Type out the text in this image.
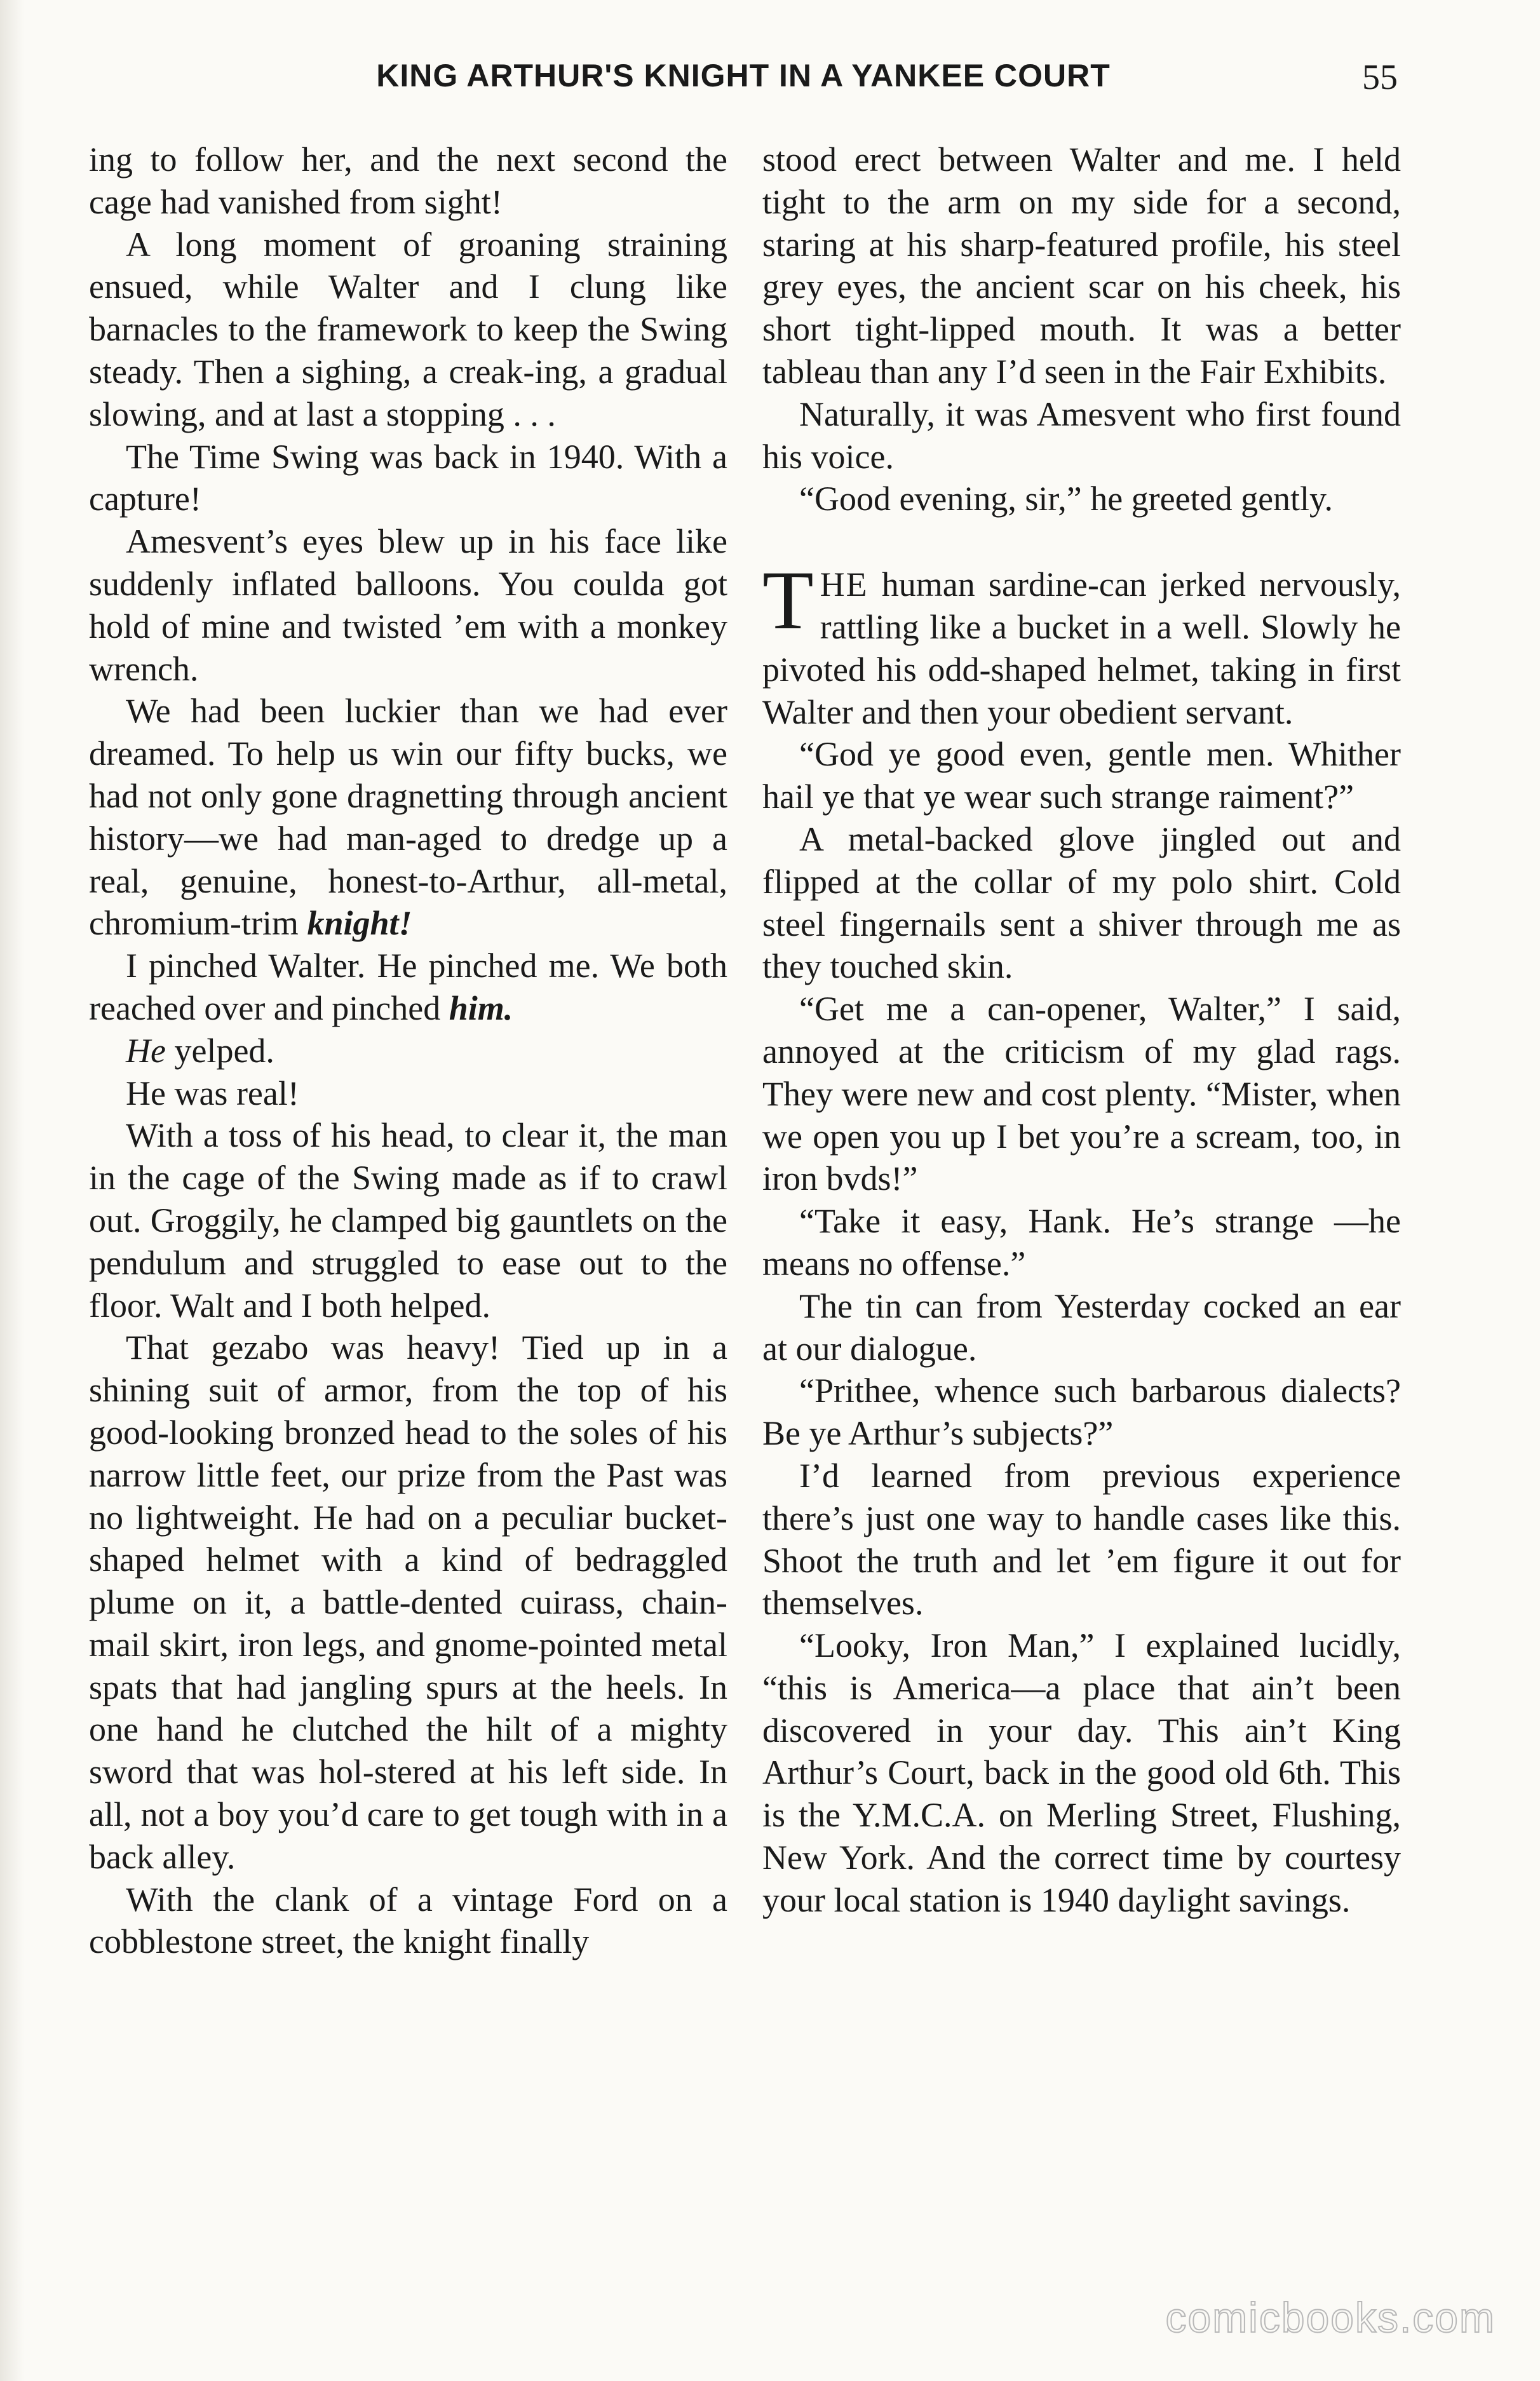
KING ARTHUR'S KNIGHT IN A YANKEE COURT	55

ing to follow her, and the next second the cage had vanished from sight!

A long moment of groaning straining ensued, while Walter and I clung like barnacles to the framework to keep the Swing steady. Then a sighing, a creak-ing, a gradual slowing, and at last a stopping . . .

The Time Swing was back in 1940. With a capture!

Amesvent’s eyes blew up in his face like suddenly inflated balloons. You coulda got hold of mine and twisted ’em with a monkey wrench.

We had been luckier than we had ever dreamed. To help us win our fifty bucks, we had not only gone dragnetting through ancient history—we had man-aged to dredge up a real, genuine, honest-to-Arthur, all-metal, chromium-trim knight!

I pinched Walter. He pinched me. We both reached over and pinched him.

He yelped.

He was real!

With a toss of his head, to clear it, the man in the cage of the Swing made as if to crawl out. Groggily, he clamped big gauntlets on the pendulum and struggled to ease out to the floor. Walt and I both helped.

That gezabo was heavy! Tied up in a shining suit of armor, from the top of his good-looking bronzed head to the soles of his narrow little feet, our prize from the Past was no lightweight. He had on a peculiar bucket-shaped helmet with a kind of bedraggled plume on it, a battle-dented cuirass, chain-mail skirt, iron legs, and gnome-pointed metal spats that had jangling spurs at the heels. In one hand he clutched the hilt of a mighty sword that was hol-stered at his left side. In all, not a boy you’d care to get tough with in a back alley.

With the clank of a vintage Ford on a cobblestone street, the knight finally

stood erect between Walter and me. I held tight to the arm on my side for a second, staring at his sharp-featured profile, his steel grey eyes, the ancient scar on his cheek, his short tight-lipped mouth. It was a better tableau than any I’d seen in the Fair Exhibits.

Naturally, it was Amesvent who first found his voice.

“Good evening, sir,” he greeted gently.

THE human sardine-can jerked nervously, rattling like a bucket in a well. Slowly he pivoted his odd-shaped helmet, taking in first Walter and then your obedient servant.

“God ye good even, gentle men. Whither hail ye that ye wear such strange raiment?”

A metal-backed glove jingled out and flipped at the collar of my polo shirt. Cold steel fingernails sent a shiver through me as they touched skin.

“Get me a can-opener, Walter,” I said, annoyed at the criticism of my glad rags. They were new and cost plenty. “Mister, when we open you up I bet you’re a scream, too, in iron bvds!”

“Take it easy, Hank. He’s strange —he means no offense.”

The tin can from Yesterday cocked an ear at our dialogue.

“Prithee, whence such barbarous dialects? Be ye Arthur’s subjects?”

I’d learned from previous experience there’s just one way to handle cases like this. Shoot the truth and let ’em figure it out for themselves.

“Looky, Iron Man,” I explained lucidly, “this is America—a place that ain’t been discovered in your day. This ain’t King Arthur’s Court, back in the good old 6th. This is the Y.M.C.A. on Merling Street, Flushing, New York. And the correct time by courtesy your local station is 1940 daylight savings.

comicbooks.com
